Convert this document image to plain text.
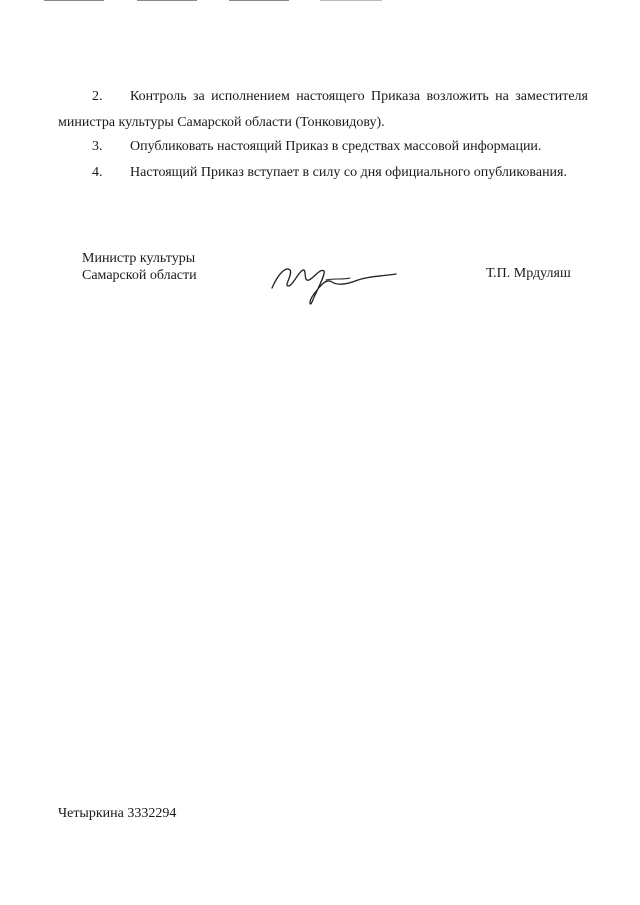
2. Контроль за исполнением настоящего Приказа возложить на заместителя министра культуры Самарской области (Тонковидову).
3. Опубликовать настоящий Приказ в средствах массовой информации.
4. Настоящий Приказ вступает в силу со дня официального опубликования.
Министр культуры
Самарской области	Т.П. Мрдуляш
Четыркина 3332294
